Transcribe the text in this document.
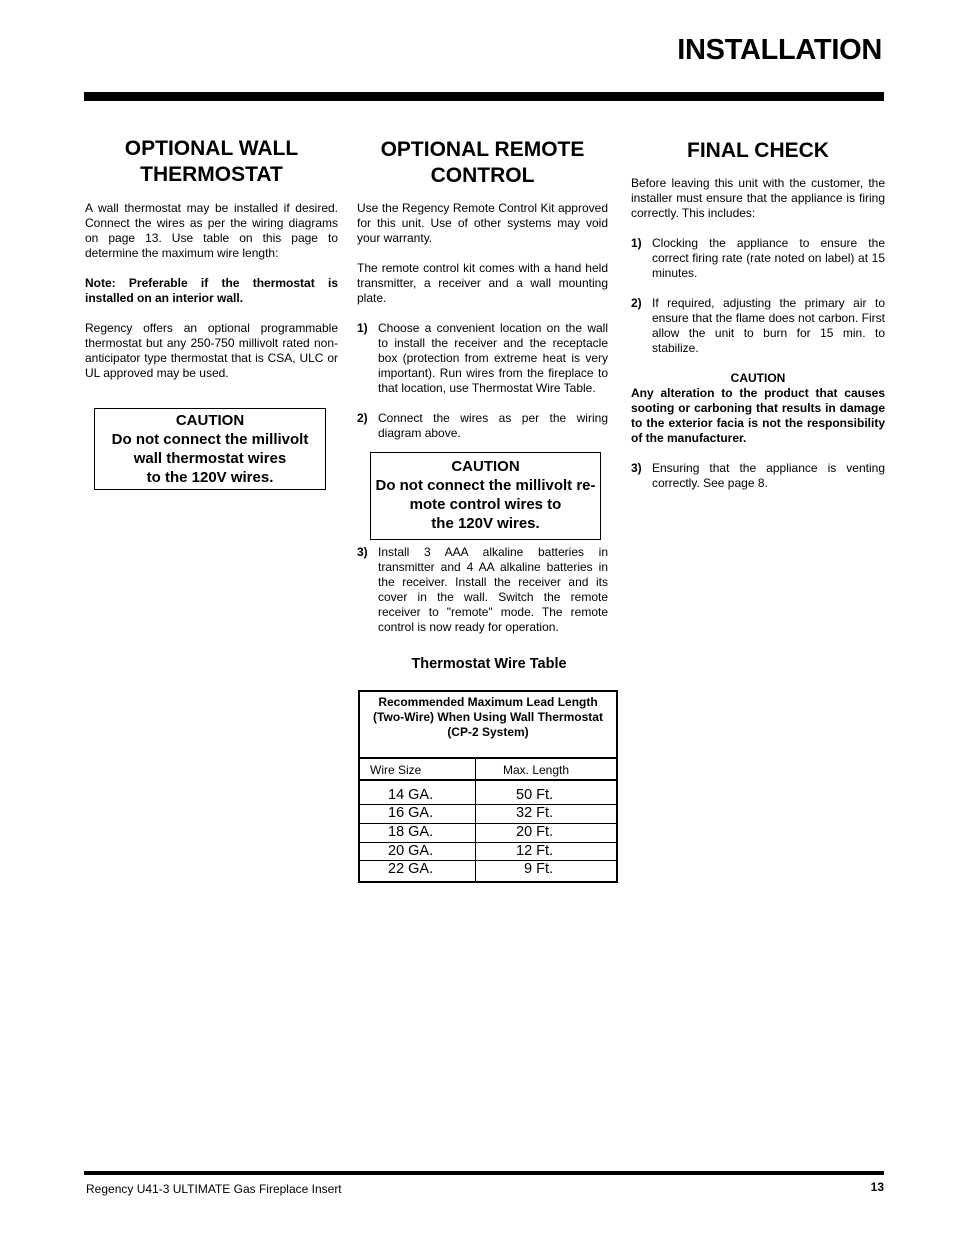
INSTALLATION
OPTIONAL WALL THERMOSTAT

A wall thermostat may be installed if desired. Connect the wires as per the wiring diagrams on page 13. Use table on this page to determine the maximum wire length:

Note: Preferable if the thermostat is installed on an interior wall.

Regency offers an optional programmable thermostat but any 250-750 millivolt rated non-anticipator type thermostat that is CSA, ULC or UL approved may be used.

CAUTION
Do not connect the millivolt
wall thermostat wires
to the 120V wires.
OPTIONAL REMOTE
CONTROL

Use the Regency Remote Control Kit approved for this unit. Use of other systems may void your warranty.

The remote control kit comes with a hand held transmitter, a receiver and a wall mounting plate.

1) Choose a convenient location on the wall to install the receiver and the receptacle box (protection from extreme heat is very important). Run wires from the fireplace to that location, use Thermostat Wire Table.
2) Connect the wires as per the wiring diagram above.
CAUTION
Do not connect the millivolt re-
mote control wires to
the 120V wires.
3) Install 3 AAA alkaline batteries in transmitter and 4 AA alkaline batteries in the receiver. Install the receiver and its cover in the wall. Switch the remote receiver to "remote" mode. The remote control is now ready for operation.
Thermostat Wire Table
Recommended Maximum Lead Length (Two-Wire) When Using Wall Thermostat (CP-2 System)
Wire Size	Max. Length
14 GA.	50 Ft.
16 GA.	32 Ft.
18 GA.	20 Ft.
20 GA.	12 Ft.
22 GA.	9 Ft.
FINAL CHECK

Before leaving this unit with the customer, the installer must ensure that the appliance is firing correctly. This includes:

1) Clocking the appliance to ensure the correct firing rate (rate noted on label) at 15 minutes.
2) If required, adjusting the primary air to ensure that the flame does not carbon. First allow the unit to burn for 15 min. to stabilize.
CAUTION

Any alteration to the product that causes sooting or carboning that results in damage to the exterior facia is not the responsibility of the manufacturer.

3) Ensuring that the appliance is venting correctly. See page 8.
Regency U41-3 ULTIMATE Gas Fireplace Insert	13
